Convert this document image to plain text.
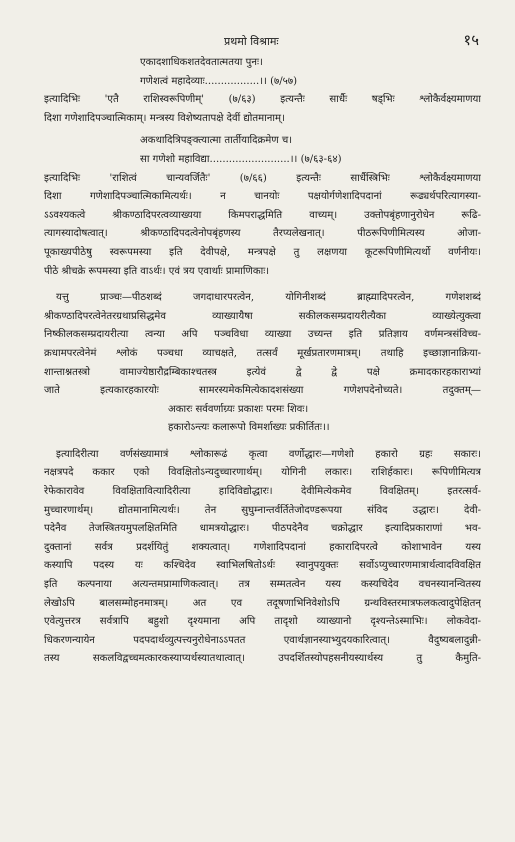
प्रथमो विश्रामः	१५
एकादशाधिकशतदेवतात्मतया पुनः।
गणेशत्वं महादेव्याः.................।। (७/५७)
इत्यादिभिः 'एतै राशिस्वरूपिणीम्' (७/६३) इत्यन्तैः सार्धैः षड्भिः श्लोकैर्वक्ष्यमाणया
दिशा गणेशादिपञ्चात्मिकाम्। मन्त्रस्य विशेष्यतापक्षे देवीं द्योतमानाम्।
अकथादित्रिपङ्क्त्यात्मा तार्तीयादिक्रमेण च।
सा गणेशो महाविद्या.........................।। (७/६३-६४)
इत्यादिभिः 'राशित्वं चान्यवर्जितैः' (७/६६) इत्यन्तैः सार्धैस्त्रिभिः श्लोकैर्वक्ष्यमाणया
दिशा गणेशादिपञ्चात्मिकामित्यर्थः। न चानयोः पक्षयोर्गणेशादिपदानां रूढ्यर्थपरित्यागस्या-
ऽऽवश्यकत्वे श्रीकण्ठादिपरत्वव्याख्यया किमपराद्धमिति वाच्यम्। उक्तोपबृंहणानुरोधेन रूढि-
त्यागस्यादोषत्वात्। श्रीकण्ठादिपदत्वेनोपबृंहणस्य तैरप्यलेखनात्। पीठरूपिणीमित्यस्य ओजा-
पूकाख्यपीठेषु स्वरूपमस्या इति देवीपक्षे, मन्त्रपक्षे तु लक्षणया कूटरूपिणीमित्यर्थो वर्णनीयः।
पीठे श्रीचक्रे रूपमस्या इति वाऽर्थः। एवं त्रय एवार्थाः प्रामाणिकाः।
यत्तु प्राञ्चः—पीठशब्दं जगदाधारपरत्वेन, योगिनीशब्दं ब्राह्म्यादिपरत्वेन, गणेशशब्दं
श्रीकण्ठादिपरत्वेनेतरग्रथाप्रसिद्धमेव व्याख्यायैषा सकीलकसम्प्रदायरीत्यैका व्याख्येत्युक्त्वा
निष्कीलकसम्प्रदायरीत्या त्वन्या अपि पञ्चविधा व्याख्या उच्यन्त इति प्रतिज्ञाय वर्णमन्त्रसंविच्च-
क्रधामपरत्वेनेमं श्लोकं पञ्चधा व्याचक्षते, तत्सर्वं मूर्खप्रतारणमात्रम्। तथाहि इच्छाज्ञानाक्रिया-
शान्ताश्नतस्त्रो वामाज्येष्ठारौद्रम्बिकाश्चतस्त्र इत्येवं द्वे द्वे पक्षे क्रमादकारहकाराभ्यां
जाते इत्यकारहकारयोः सामरस्यमेकमित्येकादशसंख्या गणेशपदेनोच्यते। तदुक्तम्—
अकारः सर्ववर्णाग्र्यः प्रकाशः परमः शिवः।
हकारोऽन्त्यः कलारूपो विमर्शाख्यः प्रकीर्तितः।।
इत्यादिरीत्या वर्णसंख्यामात्रं श्लोकारूढं कृत्वा वर्णोद्धारः—गणेशो हकारो ग्रहः सकारः।
नक्षत्रपदे ककार एको विवक्षितोऽन्यदुच्चारणार्थम्। योगिनी लकारः। राशिर्हकारः। रूपिणीमित्यत्र
रेफेकारावेव विवक्षितावित्यादिरीत्या हादिविद्योद्धारः। देवीमित्येकमेव विवक्षितम्। इतरत्सर्व-
मुच्चारणार्थम्। द्योतमानामित्यर्थः। तेन सुघुम्नान्तर्वर्तितेजोदण्डरूपया संविद उद्धारः। देवी-
पदेनैव तेजस्त्रितयमुपलक्षितमिति धामत्रयोद्धारः। पीठपदेनैव चक्रोद्धार इत्यादिप्रकाराणां भव-
दुक्तानां सर्वत्र प्रदर्शयितुं शक्यत्वात्। गणेशादिपदानां हकारादिपरत्वे कोशाभावेन यस्य
कस्यापि पदस्य यः कश्चिदेव स्वाभिलषितोऽर्थः स्वानुपयुक्तः सर्वोऽप्युच्चारणमात्रार्थत्वादविवक्षित
इति कल्पनाया अत्यन्तमप्रामाणिकत्वात्। तत्र सम्मतत्वेन यस्य कस्यचिदेव वचनस्यानन्वितस्य
लेखोऽपि बालसम्मोहनमात्रम्। अत एव तदूषणाभिनिवेशोऽपि ग्रन्थविस्तरमात्रफलकत्वादुपेक्षितन्
एवेत्युत्तरत्र सर्वत्रापि बहुशो दृश्यमाना अपि तादृशो व्याख्यानो दृश्यन्तेऽस्माभिः। लोकवेदा-
धिकरणन्यायेन पदपदार्थव्युत्पत्त्यनुरोधेनाऽऽपतत एवार्थज्ञानस्याभ्युदयकारित्वात्। वैदुष्यबलादुन्नी-
तस्य सकलविद्वच्चमत्कारकस्याप्यर्थस्यातथात्वात्। उपदर्शितस्योपहसनीयस्यार्थस्य तु कैमुति-
